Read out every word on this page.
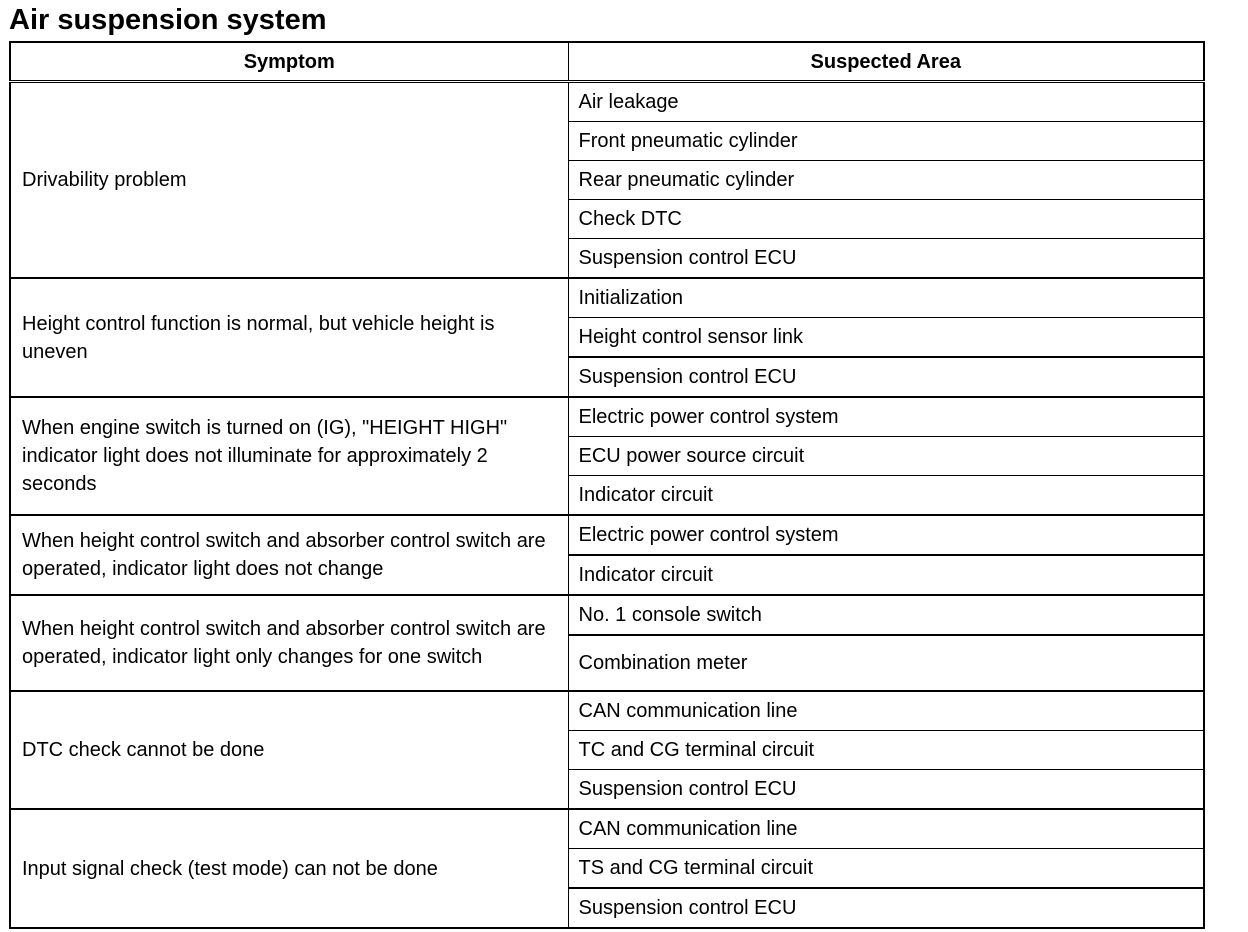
Air suspension system
Symptom	Suspected Area
Drivability problem	Air leakage
	Front pneumatic cylinder
	Rear pneumatic cylinder
	Check DTC
	Suspension control ECU
Height control function is normal, but vehicle height is uneven	Initialization
	Height control sensor link
	Suspension control ECU
When engine switch is turned on (IG), "HEIGHT HIGH" indicator light does not illuminate for approximately 2 seconds	Electric power control system
	ECU power source circuit
	Indicator circuit
When height control switch and absorber control switch are operated, indicator light does not change	Electric power control system
	Indicator circuit
When height control switch and absorber control switch are operated, indicator light only changes for one switch	No. 1 console switch
	Combination meter
DTC check cannot be done	CAN communication line
	TC and CG terminal circuit
	Suspension control ECU
Input signal check (test mode) can not be done	CAN communication line
	TS and CG terminal circuit
	Suspension control ECU
